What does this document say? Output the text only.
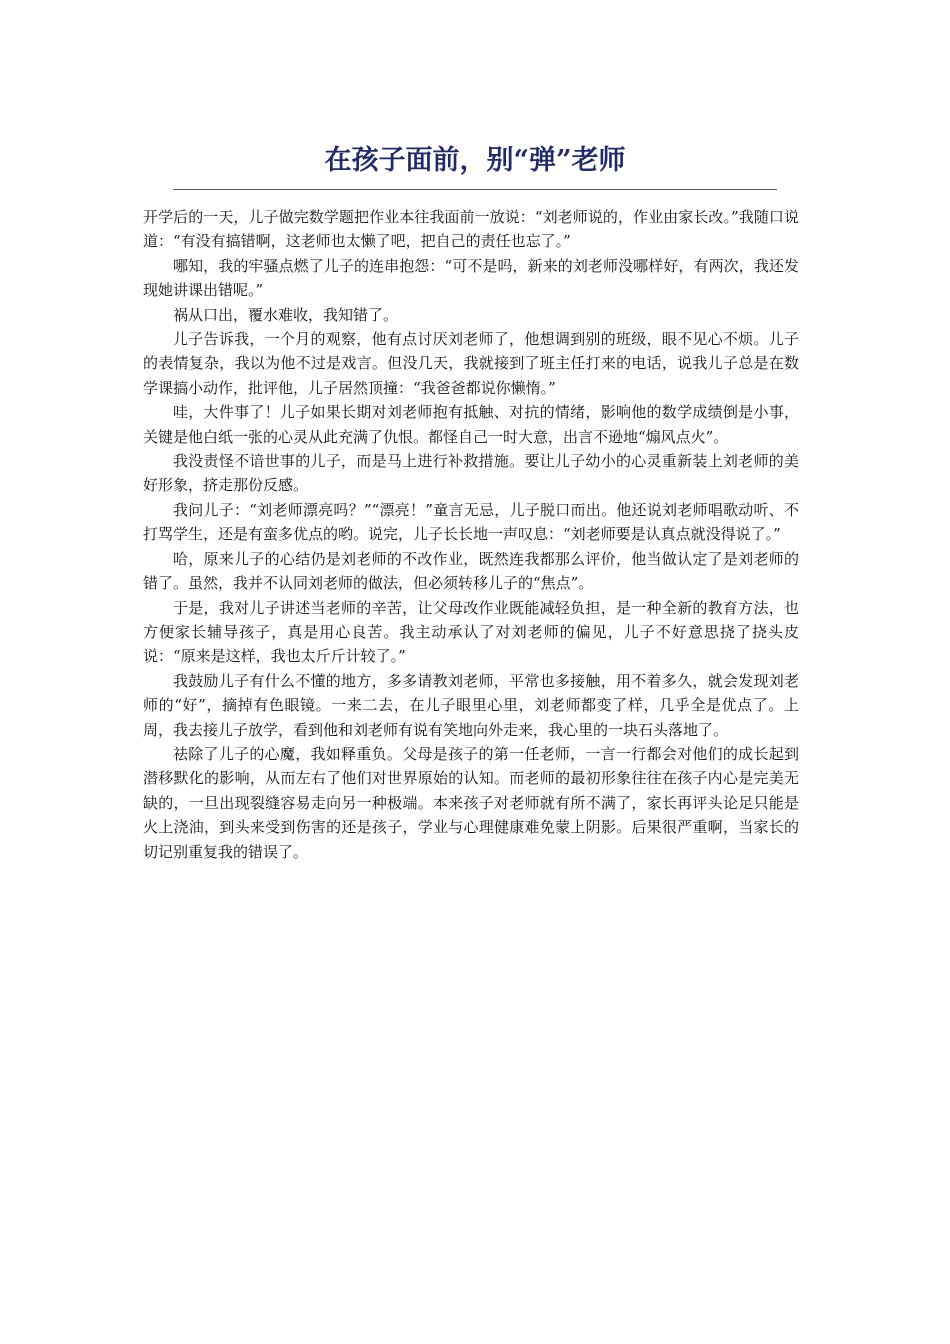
在孩子面前，别“弹”老师

开学后的一天，儿子做完数学题把作业本往我面前一放说：“刘老师说的，作业由家长改。”我随口说道：“有没有搞错啊，这老师也太懒了吧，把自己的责任也忘了。”

哪知，我的牢骚点燃了儿子的连串抱怨：“可不是吗，新来的刘老师没哪样好，有两次，我还发现她讲课出错呢。”

祸从口出，覆水难收，我知错了。

儿子告诉我，一个月的观察，他有点讨厌刘老师了，他想调到别的班级，眼不见心不烦。儿子的表情复杂，我以为他不过是戏言。但没几天，我就接到了班主任打来的电话，说我儿子总是在数学课搞小动作，批评他，儿子居然顶撞：“我爸爸都说你懒惰。”

哇，大件事了！儿子如果长期对刘老师抱有抵触、对抗的情绪，影响他的数学成绩倒是小事，关键是他白纸一张的心灵从此充满了仇恨。都怪自己一时大意，出言不逊地“煽风点火”。

我没责怪不谙世事的儿子，而是马上进行补救措施。要让儿子幼小的心灵重新装上刘老师的美好形象，挤走那份反感。

我问儿子：“刘老师漂亮吗？”“漂亮！”童言无忌，儿子脱口而出。他还说刘老师唱歌动听、不打骂学生，还是有蛮多优点的哟。说完，儿子长长地一声叹息：“刘老师要是认真点就没得说了。”

哈，原来儿子的心结仍是刘老师的不改作业，既然连我都那么评价，他当做认定了是刘老师的错了。虽然，我并不认同刘老师的做法，但必须转移儿子的“焦点”。

于是，我对儿子讲述当老师的辛苦，让父母改作业既能减轻负担，是一种全新的教育方法，也方便家长辅导孩子，真是用心良苦。我主动承认了对刘老师的偏见，儿子不好意思挠了挠头皮说：“原来是这样，我也太斤斤计较了。”

我鼓励儿子有什么不懂的地方，多多请教刘老师，平常也多接触，用不着多久，就会发现刘老师的“好”，摘掉有色眼镜。一来二去，在儿子眼里心里，刘老师都变了样，几乎全是优点了。上周，我去接儿子放学，看到他和刘老师有说有笑地向外走来，我心里的一块石头落地了。

祛除了儿子的心魔，我如释重负。父母是孩子的第一任老师，一言一行都会对他们的成长起到潜移默化的影响，从而左右了他们对世界原始的认知。而老师的最初形象往往在孩子内心是完美无缺的，一旦出现裂缝容易走向另一种极端。本来孩子对老师就有所不满了，家长再评头论足只能是火上浇油，到头来受到伤害的还是孩子，学业与心理健康难免蒙上阴影。后果很严重啊，当家长的切记别重复我的错误了。
